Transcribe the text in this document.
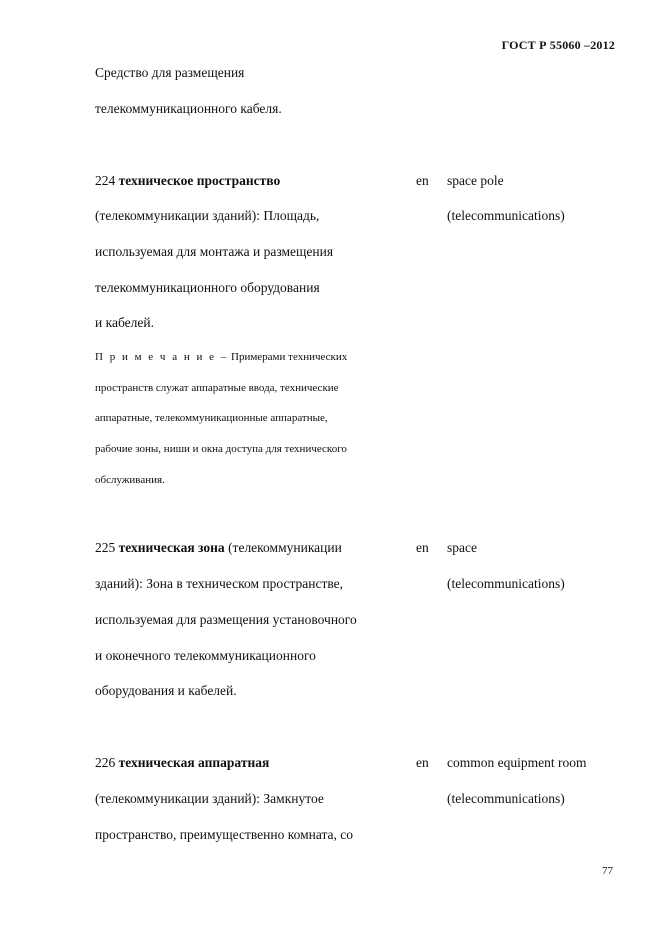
ГОСТ Р 55060 –2012
Средство для размещения
телекоммуникационного кабеля.
224 техническое пространство	en space pole
(телекоммуникации зданий): Площадь,	(telecommunications)
используемая для монтажа и размещения
телекоммуникационного оборудования
и кабелей.
П р и м е ч а н и е – Примерами технических
пространств служат аппаратные ввода, технические
аппаратные, телекоммуникационные аппаратные,
рабочие зоны, ниши и окна доступа для технического
обслуживания.
225 техническая зона (телекоммуникации	en space
зданий): Зона в техническом пространстве,	(telecommunications)
используемая для размещения установочного
и оконечного телекоммуникационного
оборудования и кабелей.
226 техническая аппаратная	en common equipment room
(телекоммуникации зданий): Замкнутое	(telecommunications)
пространство, преимущественно комната, со
77
